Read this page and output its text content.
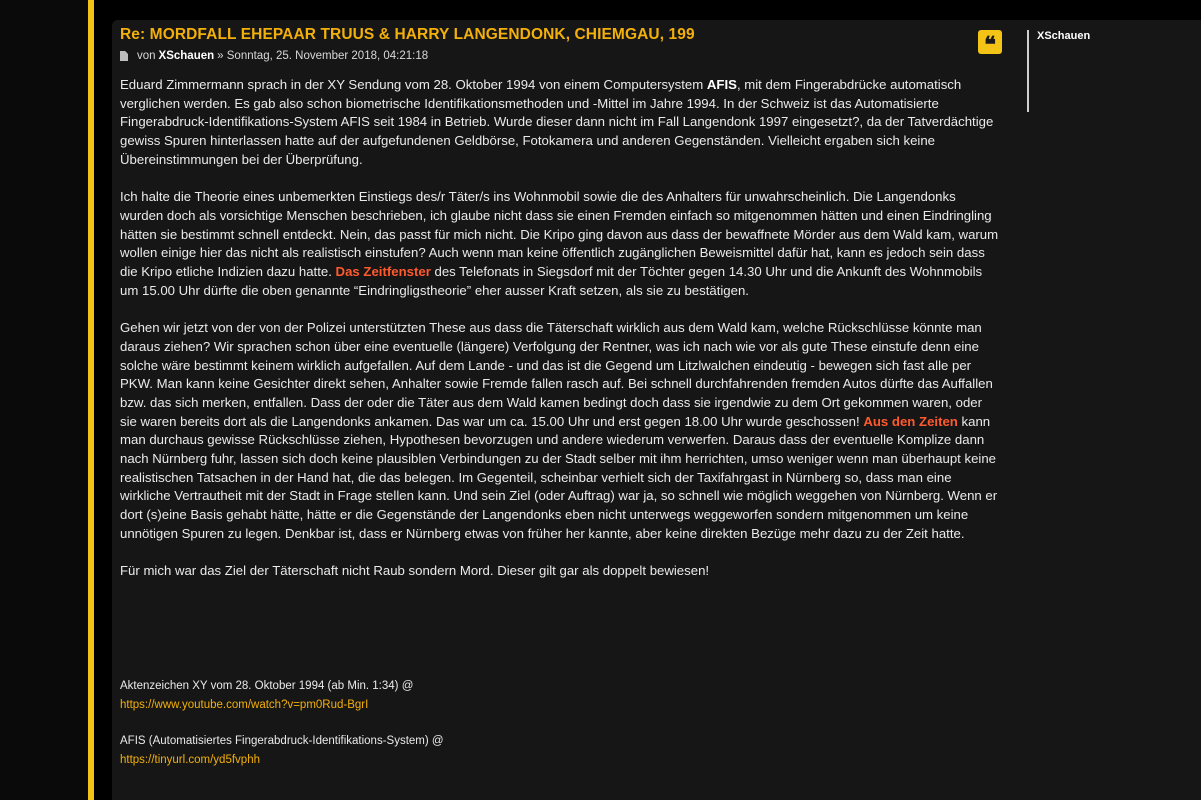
Re: MORDFALL EHEPAAR TRUUS & HARRY LANGENDONK, CHIEMGAU, 199
von XSchauen » Sonntag, 25. November 2018, 04:21:18	❝	XSchauen

Eduard Zimmermann sprach in der XY Sendung vom 28. Oktober 1994 von einem Computersystem AFIS, mit dem Fingerabdrücke automatisch verglichen werden. Es gab also schon biometrische Identifikationsmethoden und -Mittel im Jahre 1994. In der Schweiz ist das Automatisierte Fingerabdruck-Identifikations-System AFIS seit 1984 in Betrieb. Wurde dieser dann nicht im Fall Langendonk 1997 eingesetzt?, da der Tatverdächtige gewiss Spuren hinterlassen hatte auf der aufgefundenen Geldbörse, Fotokamera und anderen Gegenständen. Vielleicht ergaben sich keine Übereinstimmungen bei der Überprüfung.

Ich halte die Theorie eines unbemerkten Einstiegs des/r Täter/s ins Wohnmobil sowie die des Anhalters für unwahrscheinlich. Die Langendonks wurden doch als vorsichtige Menschen beschrieben, ich glaube nicht dass sie einen Fremden einfach so mitgenommen hätten und einen Eindringling hätten sie bestimmt schnell entdeckt. Nein, das passt für mich nicht. Die Kripo ging davon aus dass der bewaffnete Mörder aus dem Wald kam, warum wollen einige hier das nicht als realistisch einstufen? Auch wenn man keine öffentlich zugänglichen Beweismittel dafür hat, kann es jedoch sein dass die Kripo etliche Indizien dazu hatte. Das Zeitfenster des Telefonats in Siegsdorf mit der Töchter gegen 14.30 Uhr und die Ankunft des Wohnmobils um 15.00 Uhr dürfte die oben genannte “Eindringligstheorie” eher ausser Kraft setzen, als sie zu bestätigen.

Gehen wir jetzt von der von der Polizei unterstützten These aus dass die Täterschaft wirklich aus dem Wald kam, welche Rückschlüsse könnte man daraus ziehen? Wir sprachen schon über eine eventuelle (längere) Verfolgung der Rentner, was ich nach wie vor als gute These einstufe denn eine solche wäre bestimmt keinem wirklich aufgefallen. Auf dem Lande - und das ist die Gegend um Litzlwalchen eindeutig - bewegen sich fast alle per PKW. Man kann keine Gesichter direkt sehen, Anhalter sowie Fremde fallen rasch auf. Bei schnell durchfahrenden fremden Autos dürfte das Auffallen bzw. das sich merken, entfallen. Dass der oder die Täter aus dem Wald kamen bedingt doch dass sie irgendwie zu dem Ort gekommen waren, oder sie waren bereits dort als die Langendonks ankamen. Das war um ca. 15.00 Uhr und erst gegen 18.00 Uhr wurde geschossen! Aus den Zeiten kann man durchaus gewisse Rückschlüsse ziehen, Hypothesen bevorzugen und andere wiederum verwerfen. Daraus dass der eventuelle Komplize dann nach Nürnberg fuhr, lassen sich doch keine plausiblen Verbindungen zu der Stadt selber mit ihm herrichten, umso weniger wenn man überhaupt keine realistischen Tatsachen in der Hand hat, die das belegen. Im Gegenteil, scheinbar verhielt sich der Taxifahrgast in Nürnberg so, dass man eine wirkliche Vertrautheit mit der Stadt in Frage stellen kann. Und sein Ziel (oder Auftrag) war ja, so schnell wie möglich weggehen von Nürnberg. Wenn er dort (s)eine Basis gehabt hätte, hätte er die Gegenstände der Langendonks eben nicht unterwegs weggeworfen sondern mitgenommen um keine unnötigen Spuren zu legen. Denkbar ist, dass er Nürnberg etwas von früher her kannte, aber keine direkten Bezüge mehr dazu zu der Zeit hatte.

Für mich war das Ziel der Täterschaft nicht Raub sondern Mord. Dieser gilt gar als doppelt bewiesen!

Aktenzeichen XY vom 28. Oktober 1994 (ab Min. 1:34) @
https://www.youtube.com/watch?v=pm0Rud-BgrI
AFIS (Automatisiertes Fingerabdruck-Identifikations-System) @
https://tinyurl.com/yd5fvphh
